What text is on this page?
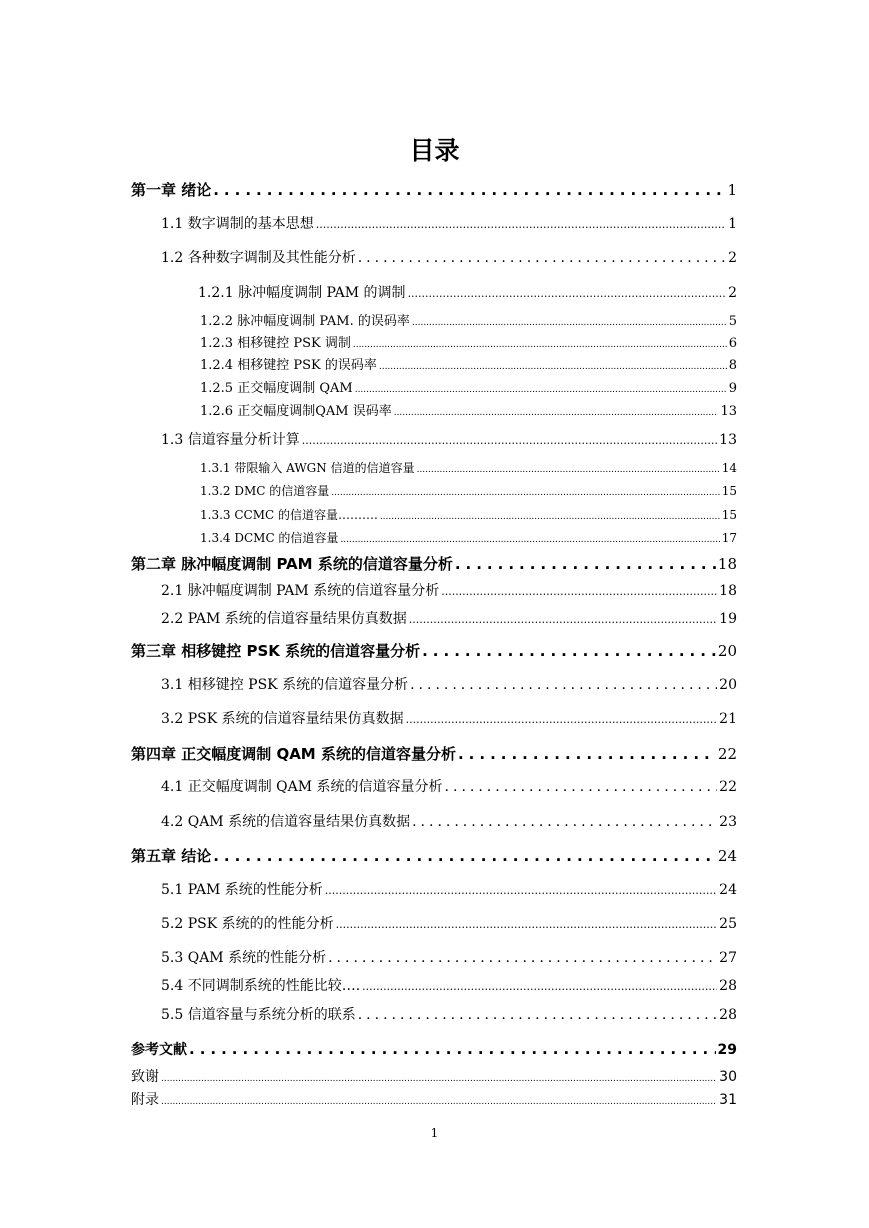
目录
第一章 绪论 .....	1
1.1 数字调制的基本思想 .....	1
1.2 各种数字调制及其性能分析 .....	2
1.2.1 脉冲幅度调制 PAM 的调制 .....	2
1.2.2 脉冲幅度调制 PAM. 的误码率 .....	5
1.2.3 相移键控 PSK 调制 .....	6
1.2.4 相移键控 PSK 的误码率 .....	8
1.2.5 正交幅度调制 QAM .....	9
1.2.6 正交幅度调制QAM 误码率 .....	13
1.3 信道容量分析计算 .....	13
1.3.1 带限输入 AWGN 信道的信道容量 .....	14
1.3.2 DMC 的信道容量 .....	15
1.3.3 CCMC 的信道容量………. .....	15
1.3.4 DCMC 的信道容量 .....	17
第二章 脉冲幅度调制 PAM 系统的信道容量分析 .....	18
2.1 脉冲幅度调制 PAM 系统的信道容量分析 .....	18
2.2 PAM 系统的信道容量结果仿真数据 .....	19
第三章 相移键控 PSK 系统的信道容量分析 .....	20
3.1 相移键控 PSK 系统的信道容量分析 .....	20
3.2 PSK 系统的信道容量结果仿真数据 .....	21
第四章 正交幅度调制 QAM 系统的信道容量分析 .....	22
4.1 正交幅度调制 QAM 系统的信道容量分析 .....	22
4.2 QAM 系统的信道容量结果仿真数据 .....	23
第五章 结论 .....	24
5.1 PAM 系统的性能分析 .....	24
5.2 PSK 系统的的性能分析 .....	25
5.3 QAM 系统的性能分析 .....	27
5.4 不同调制系统的性能比较…. .....	28
5.5 信道容量与系统分析的联系 .....	28
参考文献 .....	29
致谢 .....	30
附录 .....	31
1
